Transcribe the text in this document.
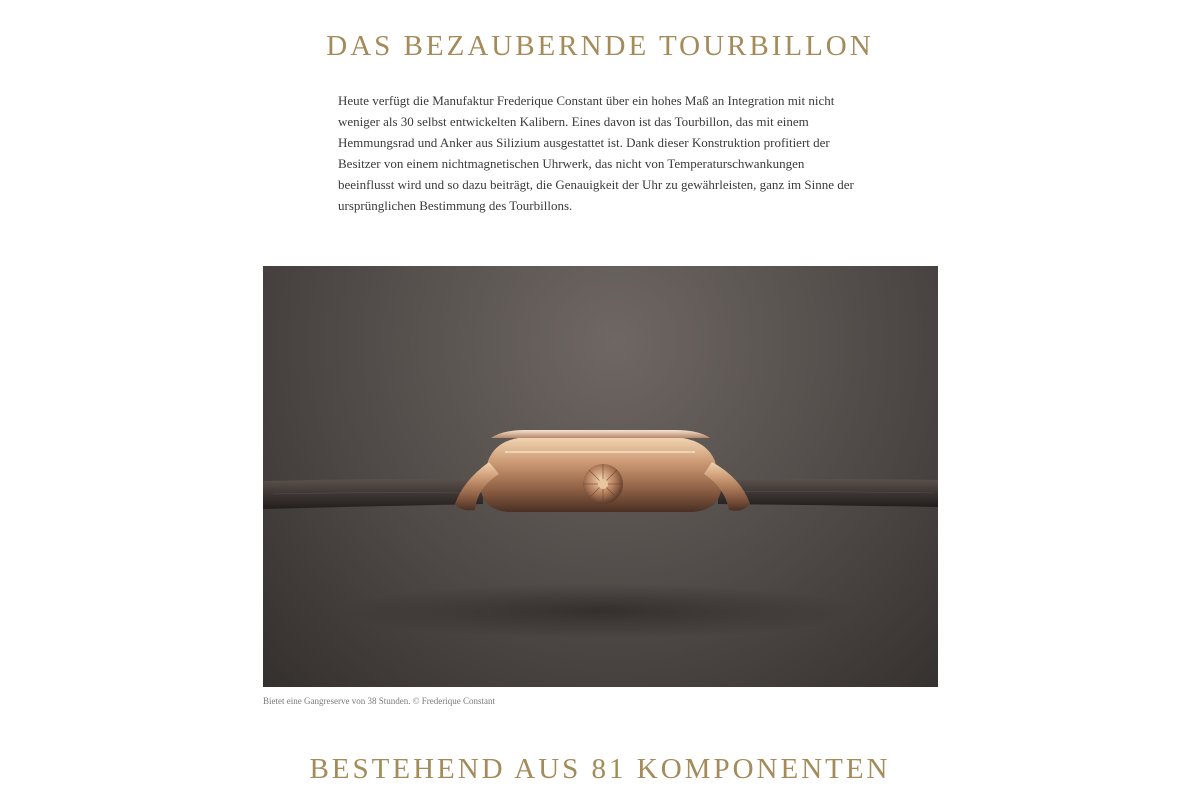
DAS BEZAUBERNDE TOURBILLON

Heute verfügt die Manufaktur Frederique Constant über ein hohes Maß an Integration mit nicht weniger als 30 selbst entwickelten Kalibern. Eines davon ist das Tourbillon, das mit einem Hemmungsrad und Anker aus Silizium ausgestattet ist. Dank dieser Konstruktion profitiert der Besitzer von einem nichtmagnetischen Uhrwerk, das nicht von Temperaturschwankungen beeinflusst wird und so dazu beiträgt, die Genauigkeit der Uhr zu gewährleisten, ganz im Sinne der ursprünglichen Bestimmung des Tourbillons.

Bietet eine Gangreserve von 38 Stunden. © Frederique Constant

BESTEHEND AUS 81 KOMPONENTEN
